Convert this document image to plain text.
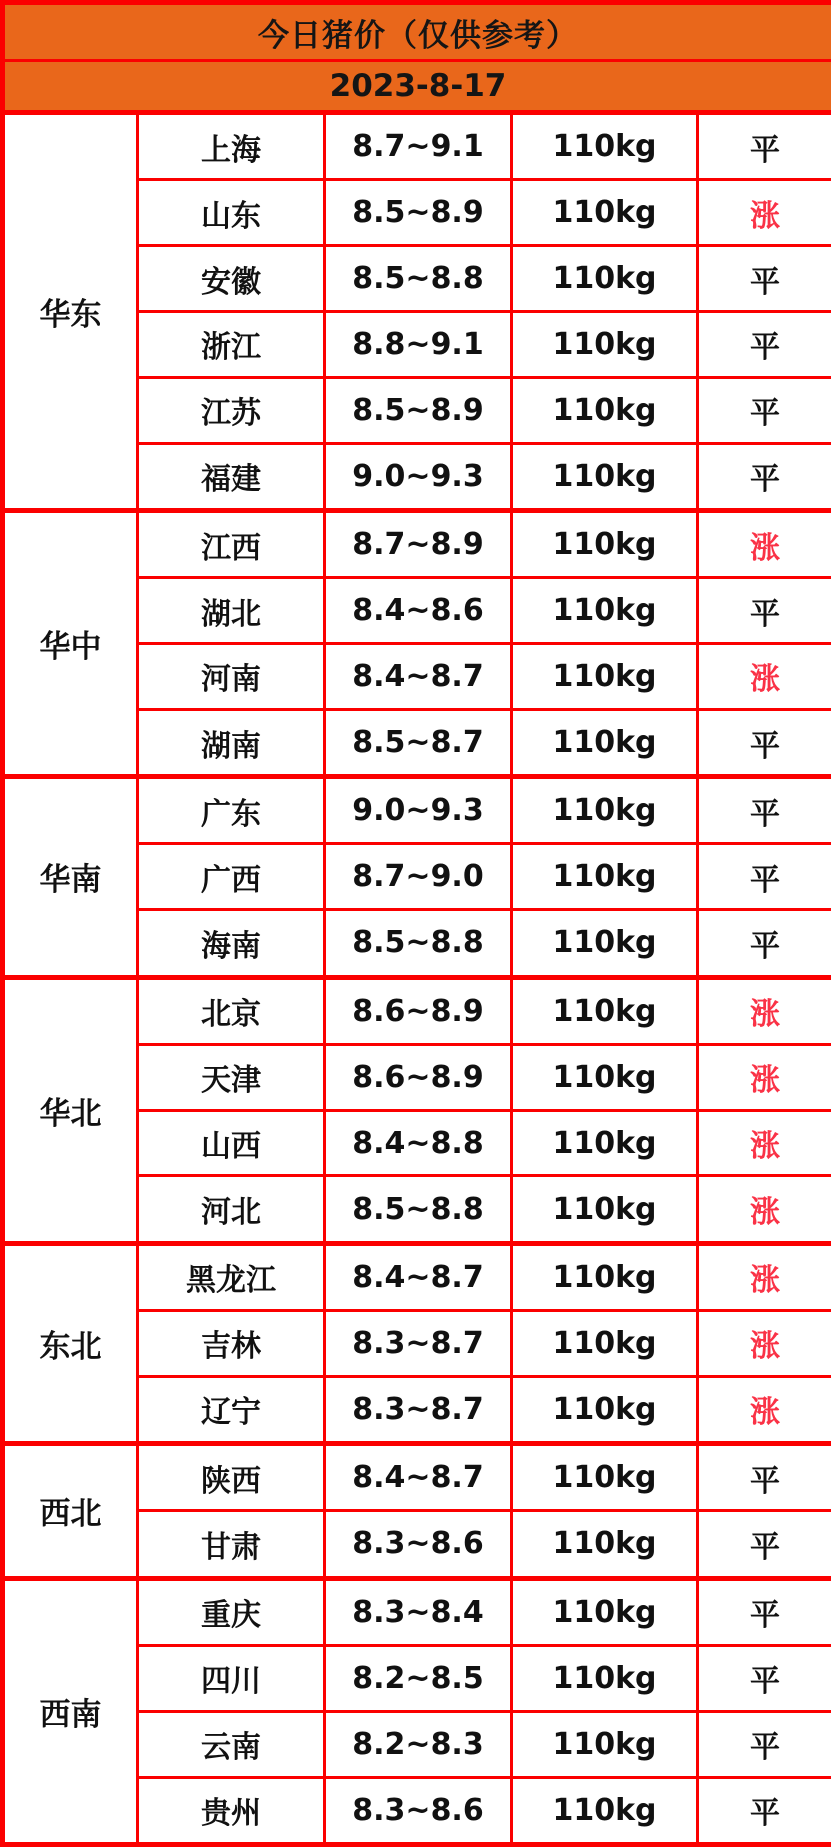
今日猪价（仅供参考）				
2023-8-17				
华东	上海	8.7~9.1	110kg	平
	山东	8.5~8.9	110kg	涨
	安徽	8.5~8.8	110kg	平
	浙江	8.8~9.1	110kg	平
	江苏	8.5~8.9	110kg	平
	福建	9.0~9.3	110kg	平
华中	江西	8.7~8.9	110kg	涨
	湖北	8.4~8.6	110kg	平
	河南	8.4~8.7	110kg	涨
	湖南	8.5~8.7	110kg	平
华南	广东	9.0~9.3	110kg	平
	广西	8.7~9.0	110kg	平
	海南	8.5~8.8	110kg	平
华北	北京	8.6~8.9	110kg	涨
	天津	8.6~8.9	110kg	涨
	山西	8.4~8.8	110kg	涨
	河北	8.5~8.8	110kg	涨
东北	黑龙江	8.4~8.7	110kg	涨
	吉林	8.3~8.7	110kg	涨
	辽宁	8.3~8.7	110kg	涨
西北	陕西	8.4~8.7	110kg	平
	甘肃	8.3~8.6	110kg	平
西南	重庆	8.3~8.4	110kg	平
	四川	8.2~8.5	110kg	平
	云南	8.2~8.3	110kg	平
	贵州	8.3~8.6	110kg	平
